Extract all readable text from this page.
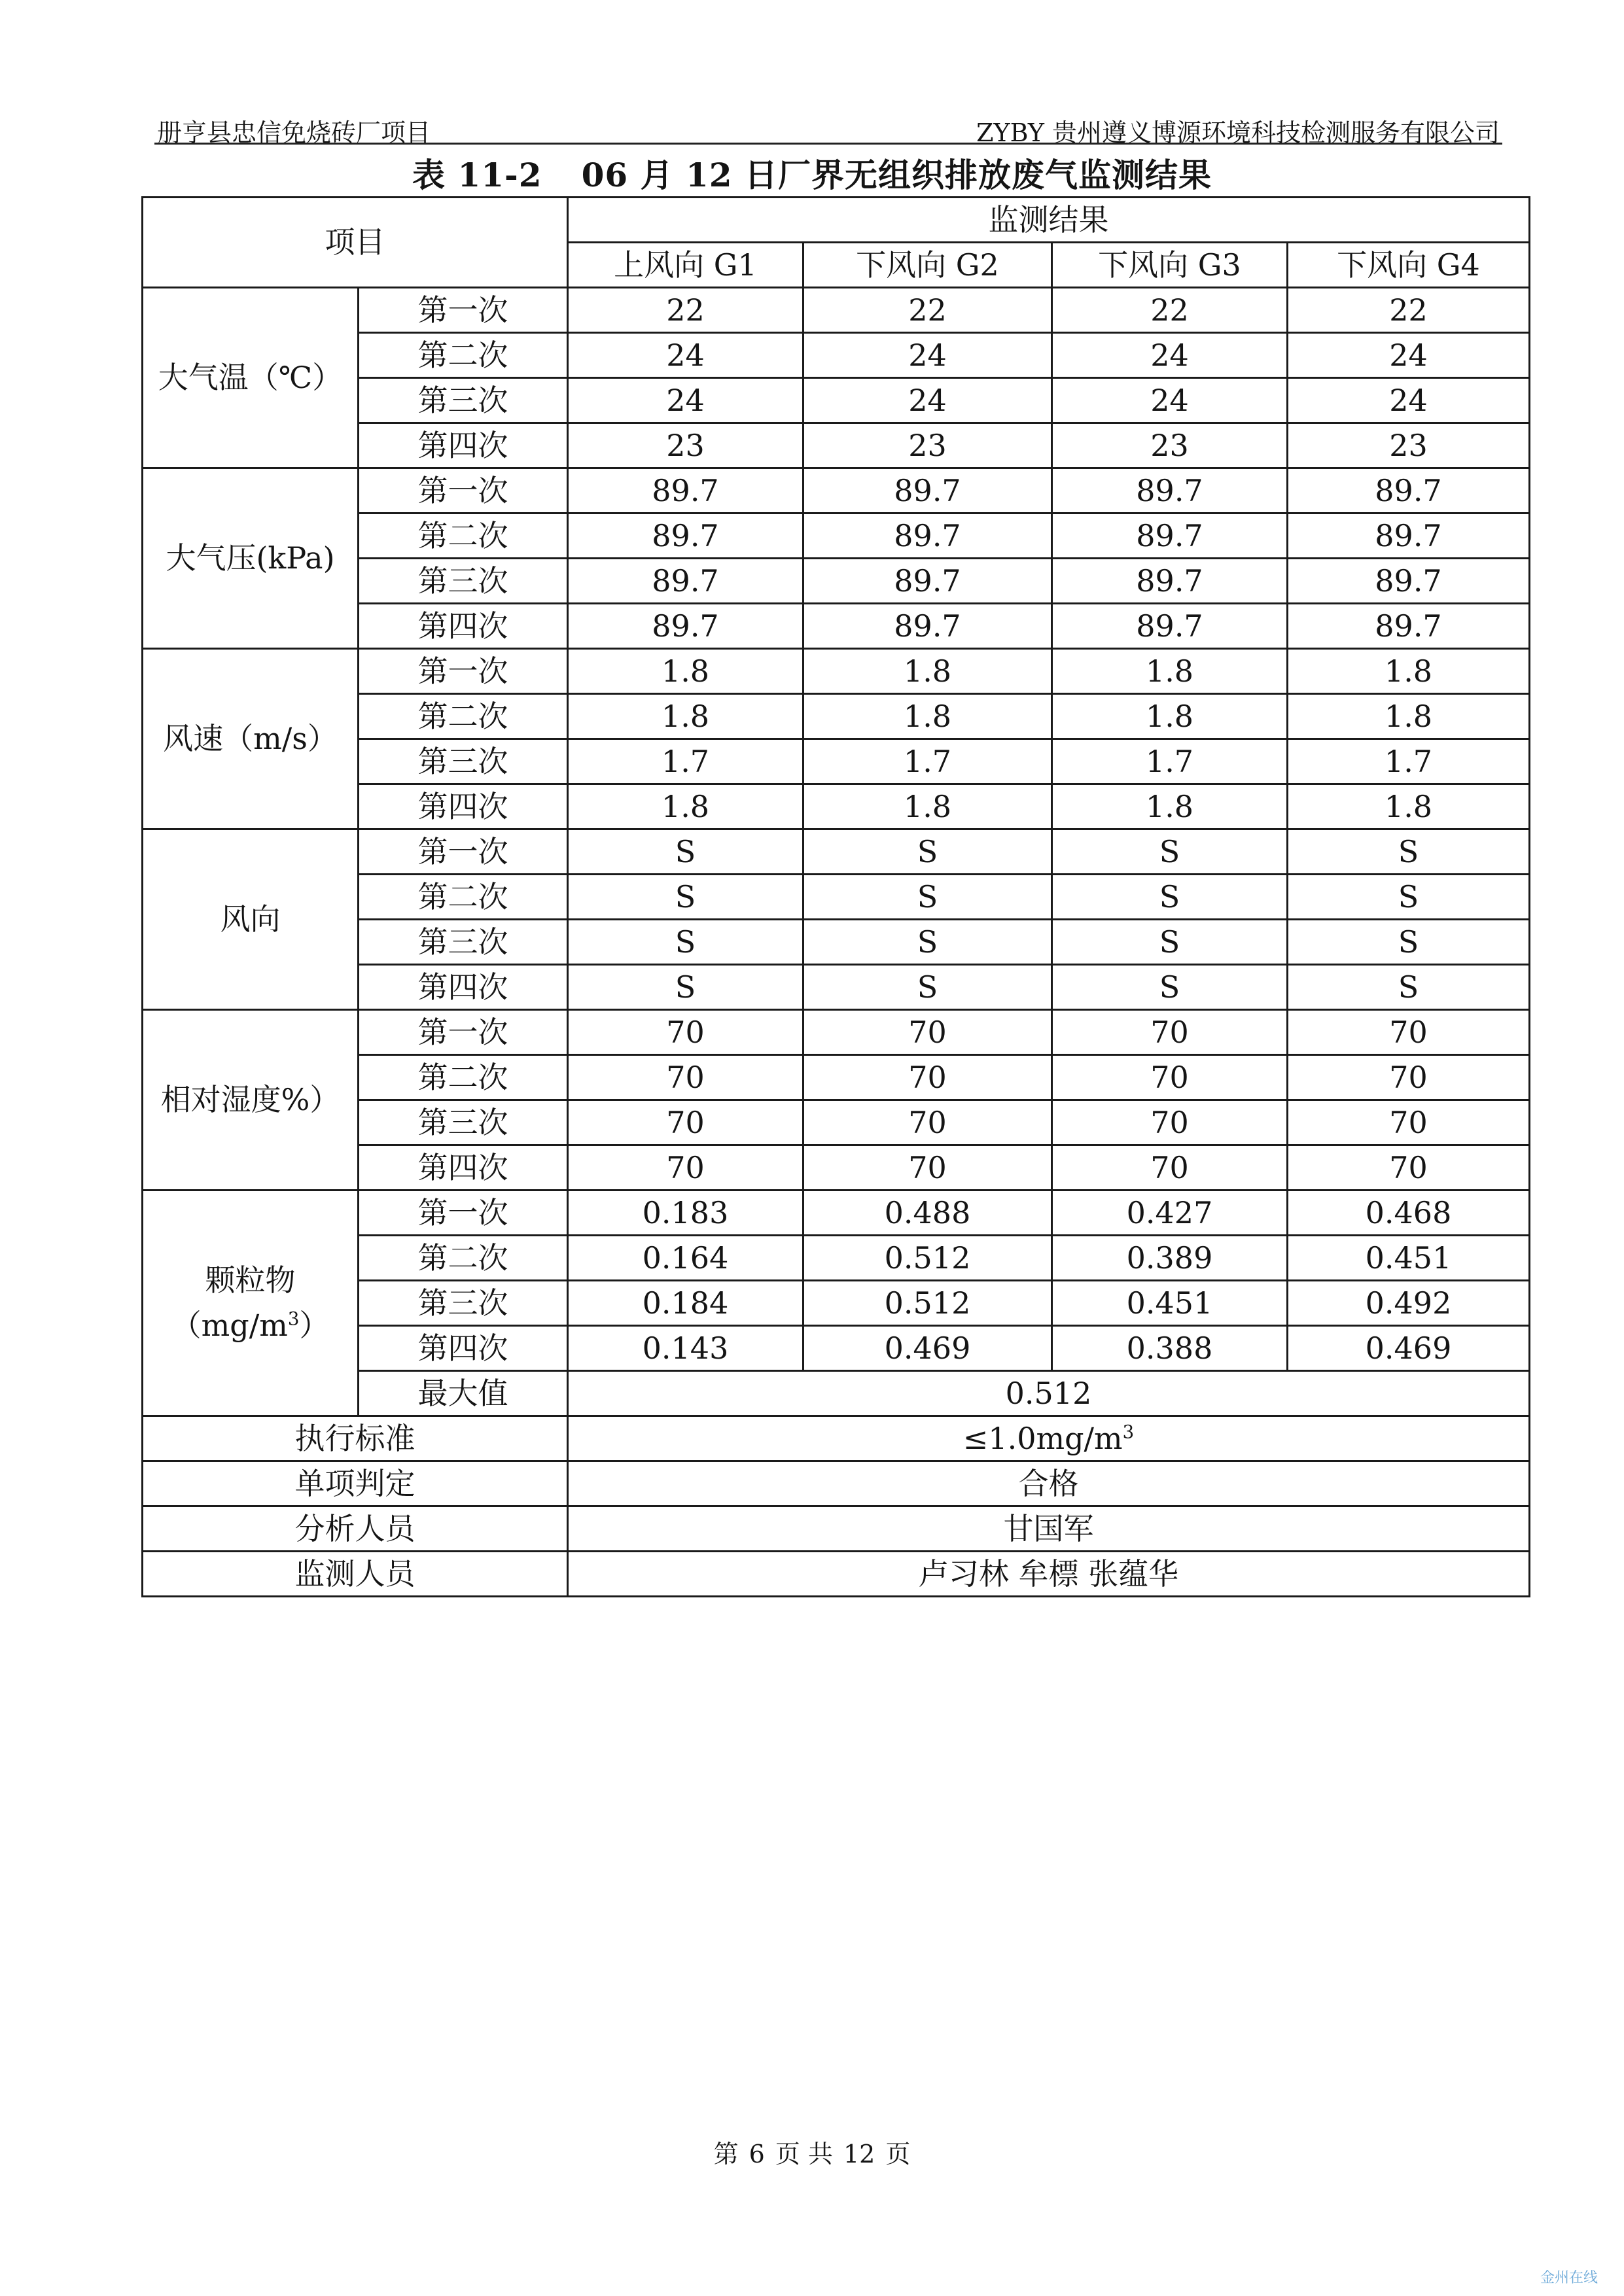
册亨县忠信免烧砖厂项目	ZYBY 贵州遵义博源环境科技检测服务有限公司
表 11-2 06 月 12 日厂界无组织排放废气监测结果
项目		监测结果			
		上风向 G1	下风向 G2	下风向 G3	下风向 G4
大气温（℃）	第一次	22	22	22	22
	第二次	24	24	24	24
	第三次	24	24	24	24
	第四次	23	23	23	23
大气压(kPa)	第一次	89.7	89.7	89.7	89.7
	第二次	89.7	89.7	89.7	89.7
	第三次	89.7	89.7	89.7	89.7
	第四次	89.7	89.7	89.7	89.7
风速（m/s）	第一次	1.8	1.8	1.8	1.8
	第二次	1.8	1.8	1.8	1.8
	第三次	1.7	1.7	1.7	1.7
	第四次	1.8	1.8	1.8	1.8
风向	第一次	S	S	S	S
	第二次	S	S	S	S
	第三次	S	S	S	S
	第四次	S	S	S	S
相对湿度%）	第一次	70	70	70	70
	第二次	70	70	70	70
	第三次	70	70	70	70
	第四次	70	70	70	70
颗粒物
$(mg/m^3)$	第一次	0.183	0.488	0.427	0.468
	第二次	0.164	0.512	0.389	0.451
	第三次	0.184	0.512	0.451	0.492
	第四次	0.143	0.469	0.388	0.469
	最大值	0.512			
执行标准		$\le 1.0mg/m^3$
单项判定		合格			
分析人员		甘国军			
监测人员		卢习林 牟標 张蕴华			
第 6 页 共 12 页
金州在线
